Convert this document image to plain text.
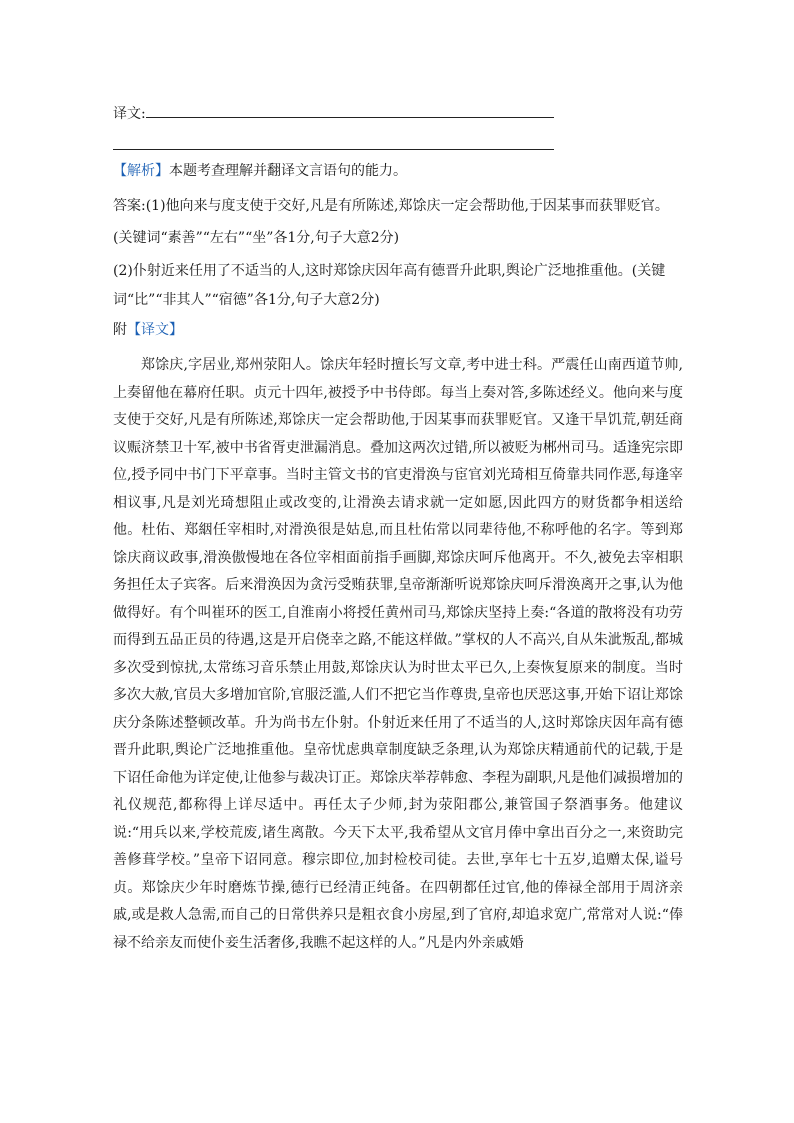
译文:
【解析】本题考查理解并翻译文言语句的能力。
答案:(1)他向来与度支使于交好,凡是有所陈述,郑馀庆一定会帮助他,于因某事而获罪贬官。
(关键词“素善”“左右”“坐”各1分,句子大意2分)
(2)仆射近来任用了不适当的人,这时郑馀庆因年高有德晋升此职,舆论广泛地推重他。(关键
词“比”“非其人”“宿德”各1分,句子大意2分)
附【译文】
郑馀庆,字居业,郑州荥阳人。馀庆年轻时擅长写文章,考中进士科。严震任山南西道节帅,上奏留他在幕府任职。贞元十四年,被授予中书侍郎。每当上奏对答,多陈述经义。他向来与度支使于交好,凡是有所陈述,郑馀庆一定会帮助他,于因某事而获罪贬官。又逢干旱饥荒,朝廷商议赈济禁卫十军,被中书省胥吏泄漏消息。叠加这两次过错,所以被贬为郴州司马。适逢宪宗即位,授予同中书门下平章事。当时主管文书的官吏滑涣与宦官刘光琦相互倚靠共同作恶,每逢宰相议事,凡是刘光琦想阻止或改变的,让滑涣去请求就一定如愿,因此四方的财货都争相送给他。杜佑、郑絪任宰相时,对滑涣很是姑息,而且杜佑常以同辈待他,不称呼他的名字。等到郑馀庆商议政事,滑涣傲慢地在各位宰相面前指手画脚,郑馀庆呵斥他离开。不久,被免去宰相职务担任太子宾客。后来滑涣因为贪污受贿获罪,皇帝渐渐听说郑馀庆呵斥滑涣离开之事,认为他做得好。有个叫崔环的医工,自淮南小将授任黄州司马,郑馀庆坚持上奏:“各道的散将没有功劳而得到五品正员的待遇,这是开启侥幸之路,不能这样做。”掌权的人不高兴,自从朱泚叛乱,都城多次受到惊扰,太常练习音乐禁止用鼓,郑馀庆认为时世太平已久,上奏恢复原来的制度。当时多次大赦,官员大多增加官阶,官服泛滥,人们不把它当作尊贵,皇帝也厌恶这事,开始下诏让郑馀庆分条陈述整顿改革。升为尚书左仆射。仆射近来任用了不适当的人,这时郑馀庆因年高有德晋升此职,舆论广泛地推重他。皇帝忧虑典章制度缺乏条理,认为郑馀庆精通前代的记载,于是下诏任命他为详定使,让他参与裁决订正。郑馀庆举荐韩愈、李程为副职,凡是他们减损增加的礼仪规范,都称得上详尽适中。再任太子少师,封为荥阳郡公,兼管国子祭酒事务。他建议说:“用兵以来,学校荒废,诸生离散。今天下太平,我希望从文官月俸中拿出百分之一,来资助完善修葺学校。”皇帝下诏同意。穆宗即位,加封检校司徒。去世,享年七十五岁,追赠太保,谥号贞。郑馀庆少年时磨炼节操,德行已经清正纯备。在四朝都任过官,他的俸禄全部用于周济亲戚,或是救人急需,而自己的日常供养只是粗衣食小房屋,到了官府,却追求宽广,常常对人说:“俸禄不给亲友而使仆妾生活奢侈,我瞧不起这样的人。”凡是内外亲戚婚
